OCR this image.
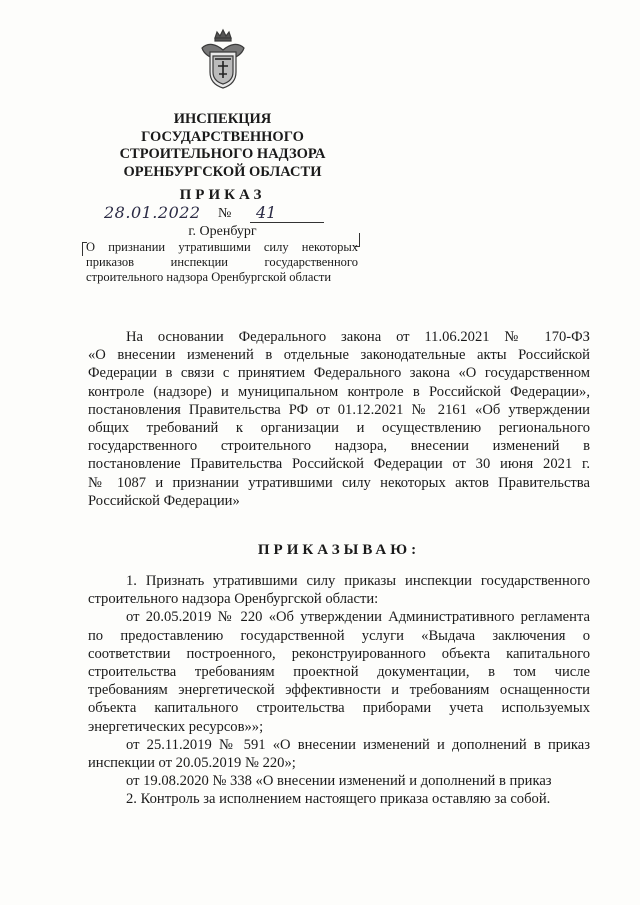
ИНСПЕКЦИЯ
ГОСУДАРСТВЕННОГО
СТРОИТЕЛЬНОГО НАДЗОРА
ОРЕНБУРГСКОЙ ОБЛАСТИ
ПРИКАЗ
28.01.2022 № 41
г. Оренбург
О признании утратившими силу некоторых
приказов инспекции государственного
строительного надзора Оренбургской области
На основании Федерального закона от 11.06.2021 № 170-ФЗ
«О внесении изменений в отдельные законодательные акты Российской
Федерации в связи с принятием Федерального закона «О государственном
контроле (надзоре) и муниципальном контроле в Российской Федерации»,
постановления Правительства РФ от 01.12.2021 № 2161 «Об утверждении
общих требований к организации и осуществлению регионального
государственного строительного надзора, внесении изменений в
постановление Правительства Российской Федерации от 30 июня 2021 г.
№ 1087 и признании утратившими силу некоторых актов Правительства
Российской Федерации»
ПРИКАЗЫВАЮ:
1. Признать утратившими силу приказы инспекции государственного
строительного надзора Оренбургской области:
от 20.05.2019 № 220 «Об утверждении Административного регламента
по предоставлению государственной услуги «Выдача заключения о
соответствии построенного, реконструированного объекта капитального
строительства требованиям проектной документации, в том числе
требованиям энергетической эффективности и требованиям оснащенности
объекта капитального строительства приборами учета используемых
энергетических ресурсов»»;
от 25.11.2019 № 591 «О внесении изменений и дополнений в приказ
инспекции от 20.05.2019 № 220»;
от 19.08.2020 № 338 «О внесении изменений и дополнений в приказ
2. Контроль за исполнением настоящего приказа оставляю за собой.
